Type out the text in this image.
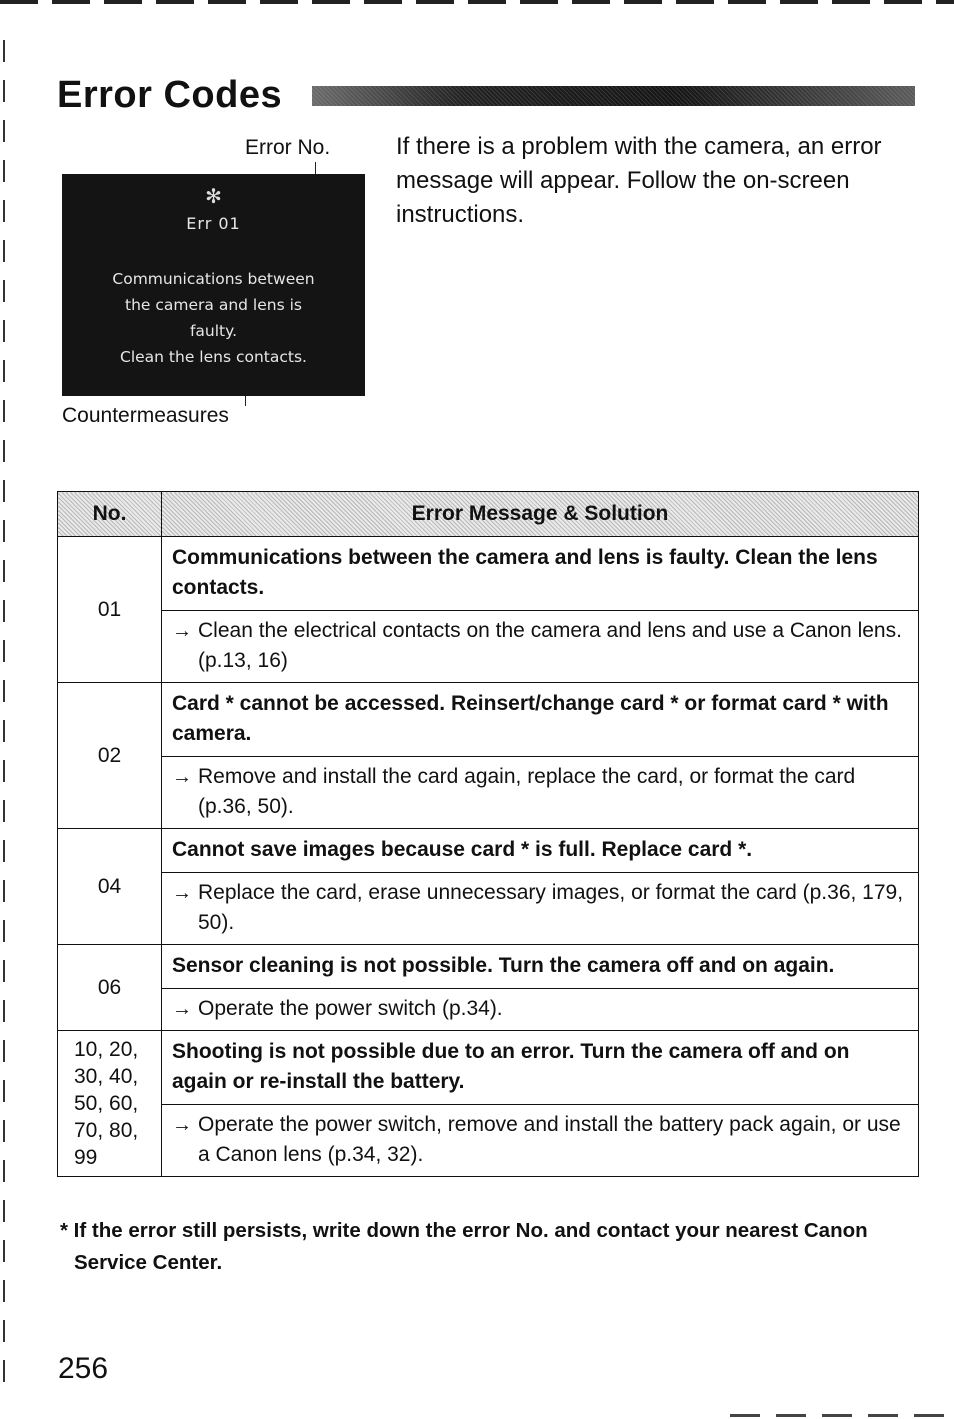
Error Codes
Error No.
✻
Err 01
Communications between
the camera and lens is
faulty.
Clean the lens contacts.
Countermeasures

If there is a problem with the camera, an error message will appear. Follow the on-screen instructions.

No.	Error Message & Solution
01	Communications between the camera and lens is faulty. Clean the lens contacts.

	→ Clean the electrical contacts on the camera and lens and use a Canon lens. (p.13, 16)

02	Card * cannot be accessed. Reinsert/change card * or format card * with camera.

	→ Remove and install the card again, replace the card, or format the card (p.36, 50).

04	Cannot save images because card * is full. Replace card *.

	→ Replace the card, erase unnecessary images, or format the card (p.36, 179, 50).

06	Sensor cleaning is not possible. Turn the camera off and on again.

	→ Operate the power switch (p.34).

10, 20,
30, 40,
50, 60,
70, 80,
99	Shooting is not possible due to an error. Turn the camera off and on again or re-install the battery.

	→ Operate the power switch, remove and install the battery pack again, or use a Canon lens (p.34, 32).

* If the error still persists, write down the error No. and contact your nearest Canon Service Center.

256
